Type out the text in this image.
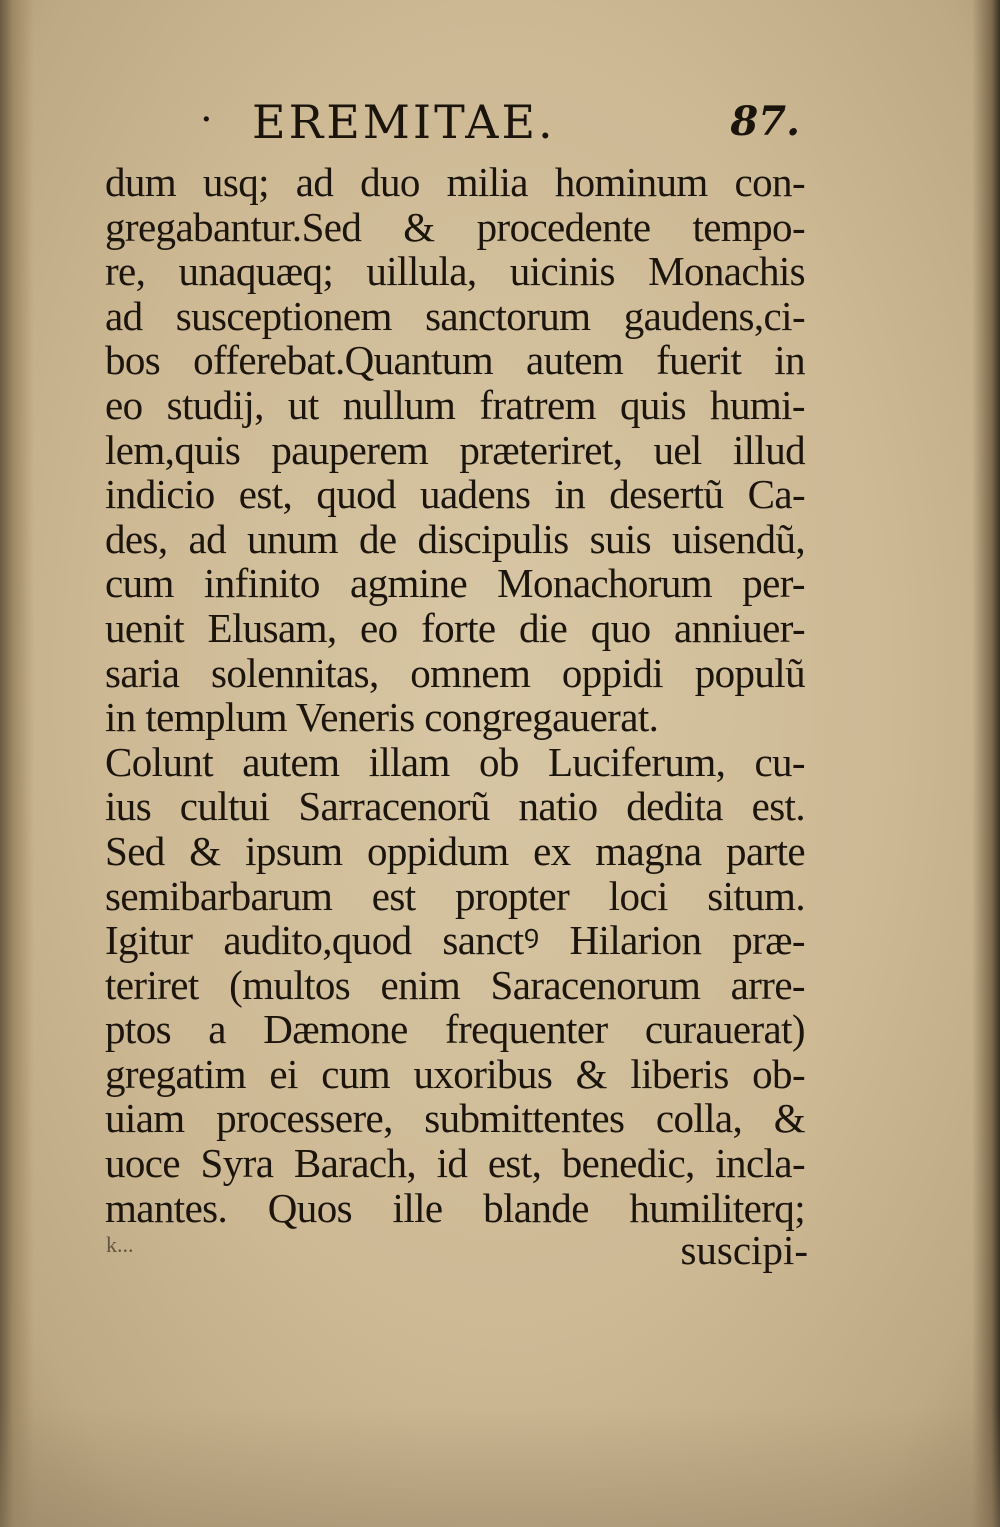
· EREMITAE.	87.
dum usq; ad duo milia hominum con-
gregabantur.Sed & procedente tempo-
re, unaquæq; uillula, uicinis Monachis
ad susceptionem sanctorum gaudens,ci-
bos offerebat.Quantum autem fuerit in
eo studij, ut nullum fratrem quis humi-
lem,quis pauperem præteriret, uel illud
indicio est, quod uadens in desertũ Ca-
des, ad unum de discipulis suis uisendũ,
cum infinito agmine Monachorum per-
uenit Elusam, eo forte die quo anniuer-
saria solennitas, omnem oppidi populũ
in templum Veneris congregauerat.
Colunt autem illam ob Luciferum, cu-
ius cultui Sarracenorũ natio dedita est.
Sed & ipsum oppidum ex magna parte
semibarbarum est propter loci situm.
Igitur audito,quod sanctꝰ Hilarion præ-
teriret (multos enim Saracenorum arre-
ptos a Dæmone frequenter curauerat)
gregatim ei cum uxoribus & liberis ob-
uiam processere, submittentes colla, &
uoce Syra Barach, id est, benedic, incla-
mantes. Quos ille blande humiliterq;
k...	suscipi-
